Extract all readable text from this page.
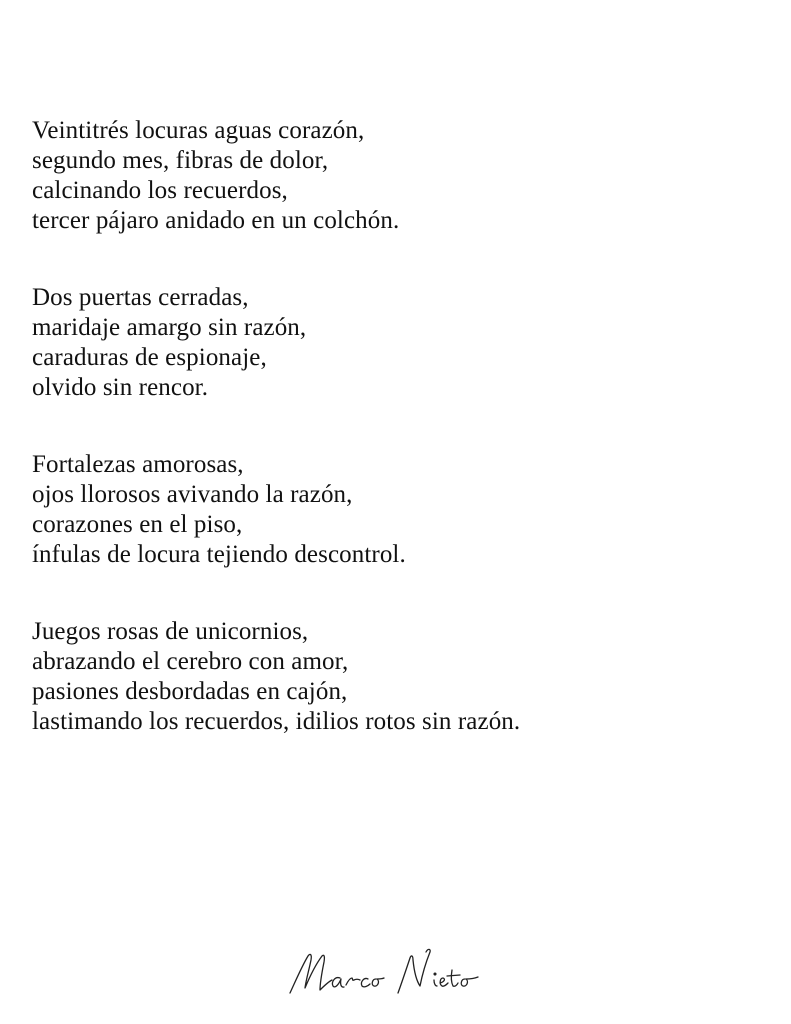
Veintitrés locuras aguas corazón,
segundo mes, fibras de dolor,
calcinando los recuerdos,
tercer pájaro anidado en un colchón.
Dos puertas cerradas,
maridaje amargo sin razón,
caraduras de espionaje,
olvido sin rencor.
Fortalezas amorosas,
ojos llorosos avivando la razón,
corazones en el piso,
ínfulas de locura tejiendo descontrol.
Juegos rosas de unicornios,
abrazando el cerebro con amor,
pasiones desbordadas en cajón,
lastimando los recuerdos, idilios rotos sin razón.
